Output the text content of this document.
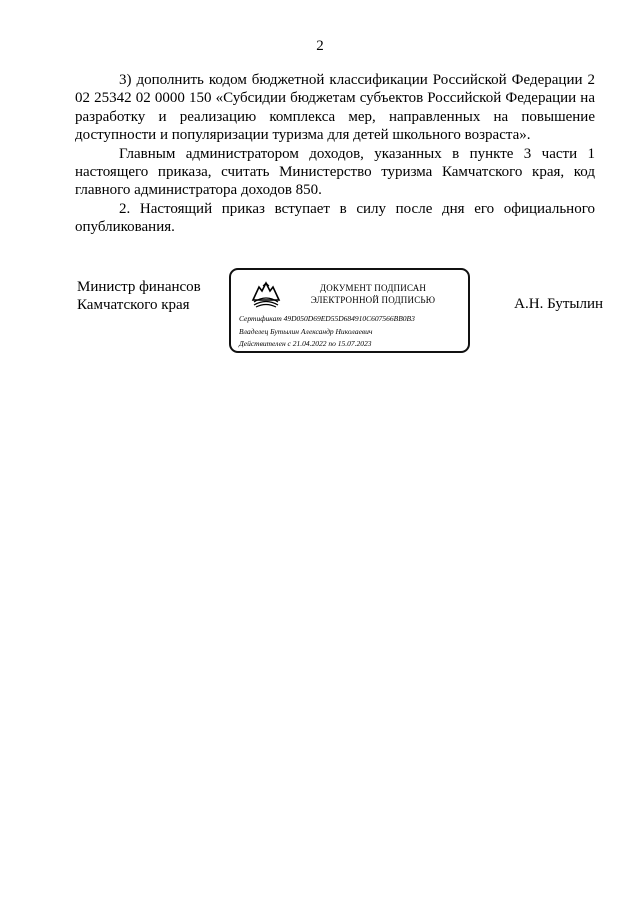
2

3) дополнить кодом бюджетной классификации Российской Федерации 2 02 25342 02 0000 150 «Субсидии бюджетам субъектов Российской Федерации на разработку и реализацию комплекса мер, направленных на повышение доступности и популяризации туризма для детей школьного возраста».

Главным администратором доходов, указанных в пункте 3 части 1 настоящего приказа, считать Министерство туризма Камчатского края, код главного администратора доходов 850.

2. Настоящий приказ вступает в силу после дня его официального опубликования.

Министр финансов
Камчатского края
ДОКУМЕНТ ПОДПИСАН
ЭЛЕКТРОННОЙ ПОДПИСЬЮ
Сертификат 49D050D69ED55D684910C607566BB0B3
Владелец Бутылин Александр Николаевич
Действителен с 21.04.2022 по 15.07.2023
А.Н. Бутылин
